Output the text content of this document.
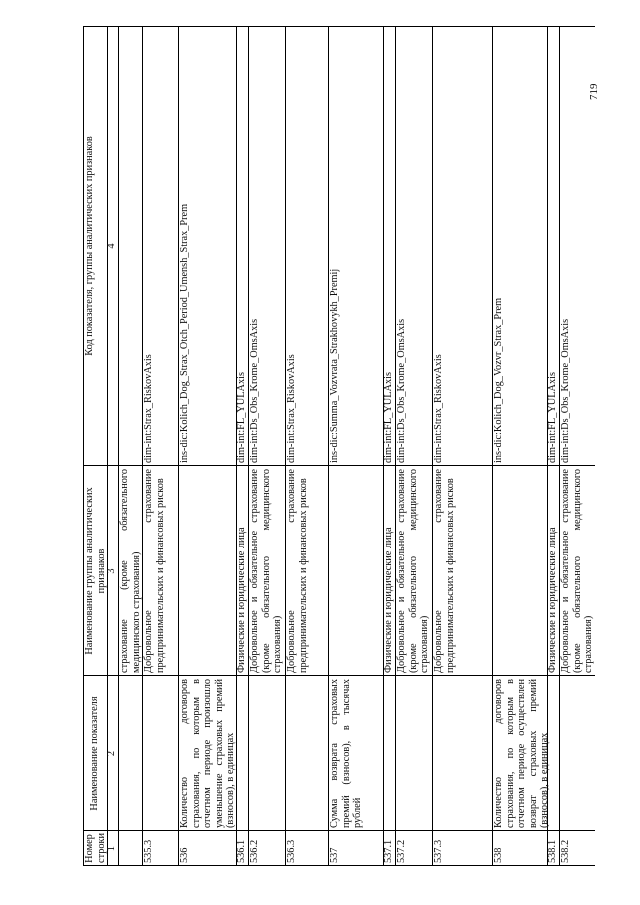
719
Номер строки
Наименование показателя
Наименование группы аналитических признаков
Код показателя, группы аналитических признаков
1
2
3
4
страхование (кроме обязательного медицинского страхования)
535.3
Добровольное страхование предпринимательских и финансовых рисков
dim-int:Strax_RiskovAxis
536
Количество договоров страхования, по которым в отчетном периоде произошло уменьшение страховых премий (взносов), в единицах
ins-dic:Kolich_Dog_Strax_Otch_Period_Umensh_Strax_Prem
536.1
Физические и юридические лица
dim-int:FL_YULAxis
536.2
Добровольное и обязательное страхование (кроме обязательного медицинского страхования)
dim-int:Ds_Obs_Krome_OmsAxis
536.3
Добровольное страхование предпринимательских и финансовых рисков
dim-int:Strax_RiskovAxis
537
Сумма возврата страховых премий (взносов), в тысячах рублей
ins-dic:Summa_Vozvrata_Strakhovykh_Premij
537.1
Физические и юридические лица
dim-int:FL_YULAxis
537.2
Добровольное и обязательное страхование (кроме обязательного медицинского страхования)
dim-int:Ds_Obs_Krome_OmsAxis
537.3
Добровольное страхование предпринимательских и финансовых рисков
dim-int:Strax_RiskovAxis
538
Количество договоров страхования, по которым в отчетном периоде осуществлен возврат страховых премий (взносов), в единицах
ins-dic:Kolich_Dog_Vozvr_Strax_Prem
538.1
Физические и юридические лица
dim-int:FL_YULAxis
538.2
Добровольное и обязательное страхование (кроме обязательного медицинского страхования)
dim-int:Ds_Obs_Krome_OmsAxis
